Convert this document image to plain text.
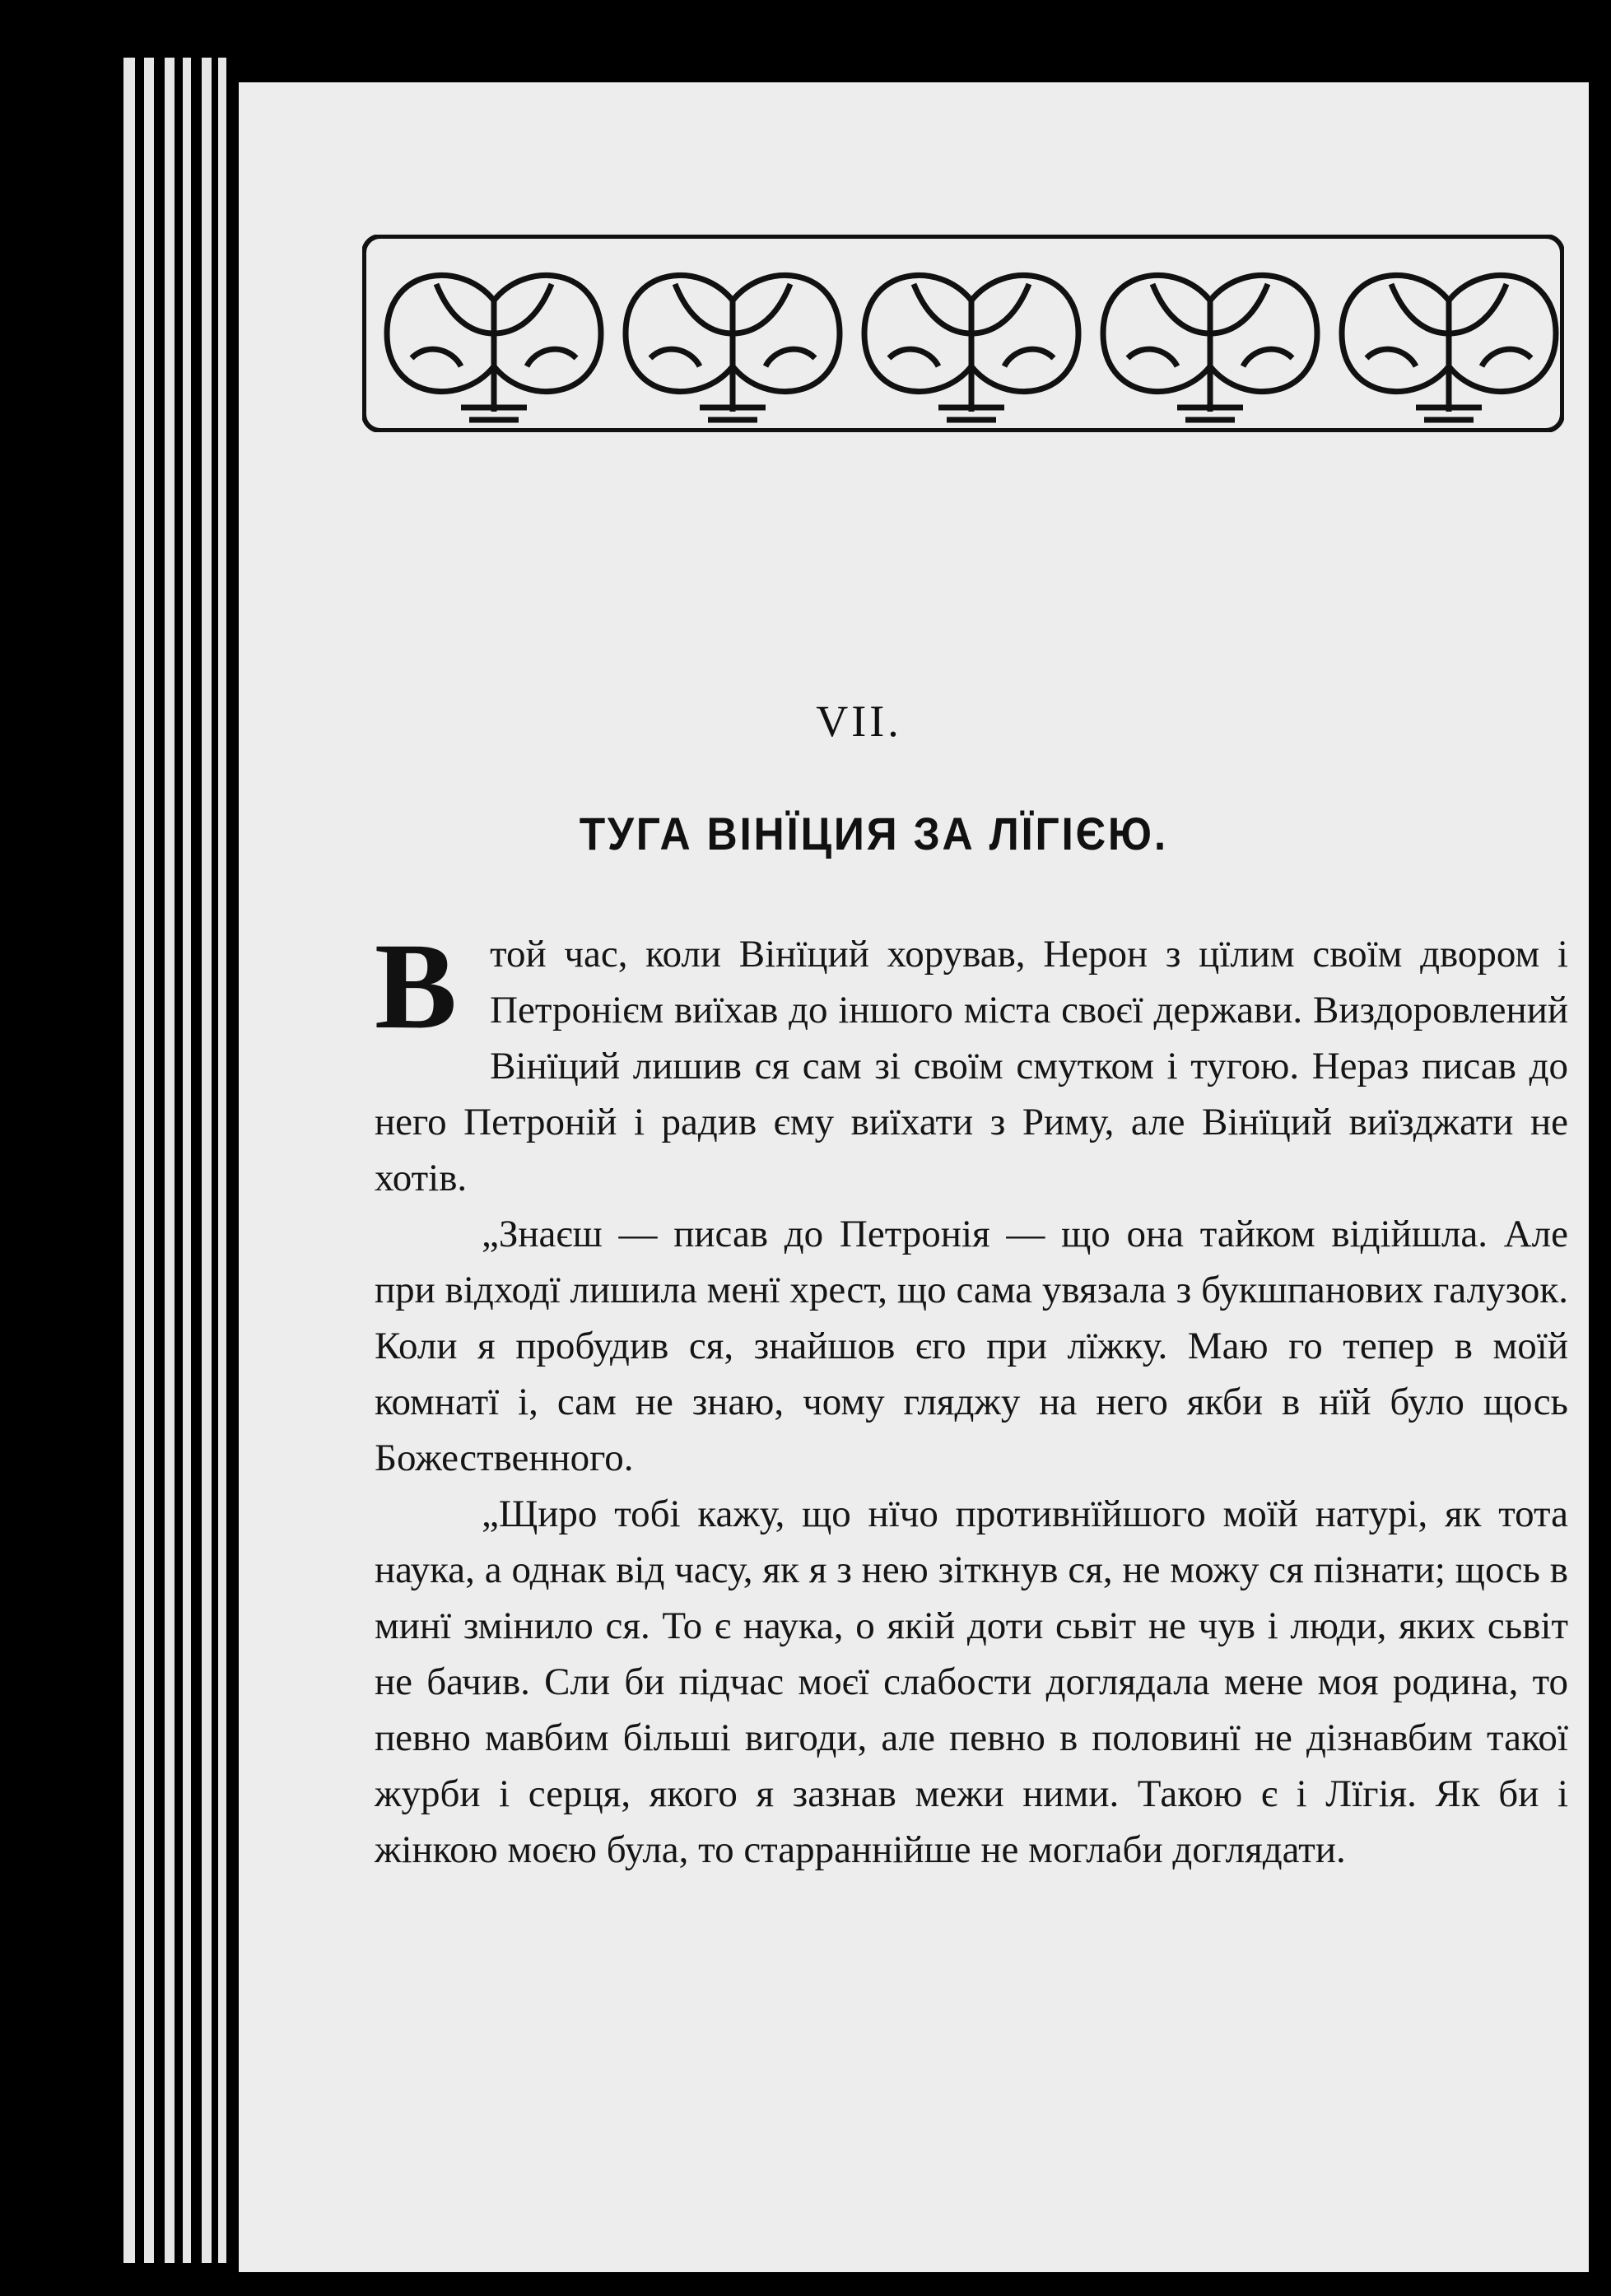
VII.
ТУГА ВІНЇЦИЯ ЗА ЛЇГІЄЮ.

В той час, коли Вінїций хорував, Нерон з цїлим своїм двором і Петронієм виїхав до іншого міста своєї держави. Виздоровлений Вінїций лишив ся сам зі своїм смутком і тугою. Нераз писав до него Петроній і радив єму виїхати з Риму, але Вінїций виїзджати не хотів.

„Знаєш — писав до Петронія — що она тайком відійшла. Але при відходї лишила менї хрест, що сама увязала з букшпанових галузок. Коли я пробудив ся, знайшов єго при лїжку. Маю го тепер в моїй комнатї і, сам не знаю, чому гляджу на него якби в нїй було щось Божественного.

„Щиро тобі кажу, що нїчо противнїйшого моїй натурі, як тота наука, а однак від часу, як я з нею зіткнув ся, не можу ся пізнати; щось в минї змінило ся. То є наука, о якій доти сьвіт не чув і люди, яких сьвіт не бачив. Сли би підчас моєї слабости доглядала мене моя родина, то певно мавбим більші вигоди, але певно в половинї не дізнавбим такої журби і серця, якого я зазнав межи ними. Такою є і Лїгія. Як би і жінкою моєю була, то старраннійше не моглаби доглядати.
